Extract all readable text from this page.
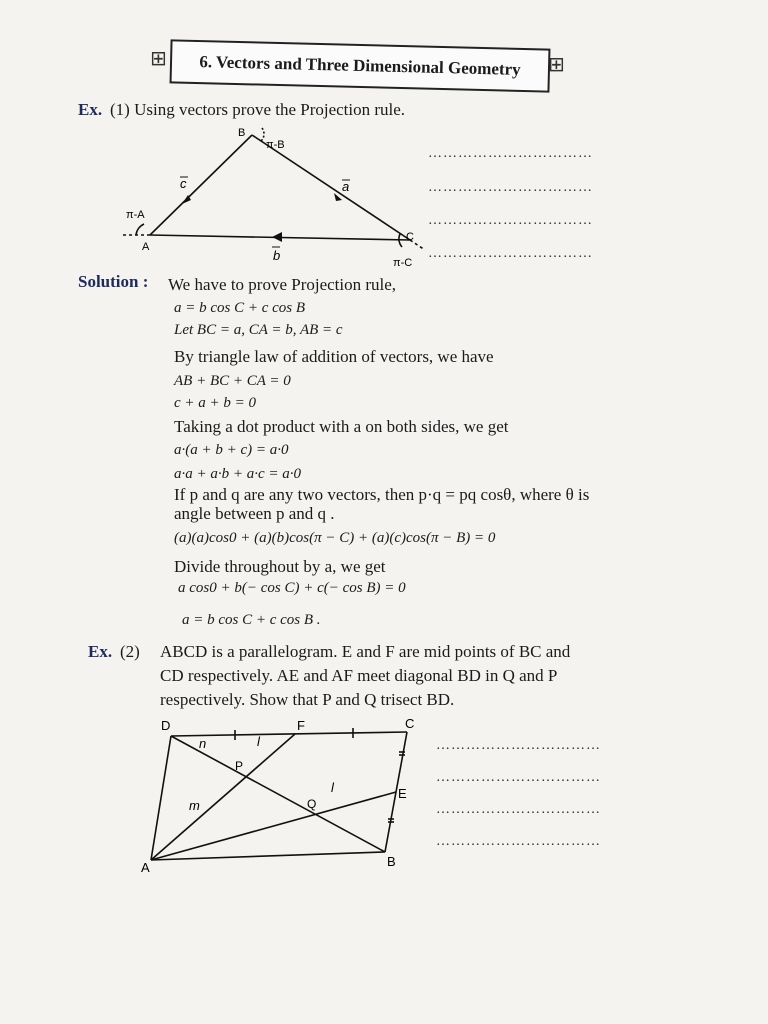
⊞ 6. Vectors and Three Dimensional Geometry ⊞
Ex. (1) Using vectors prove the Projection rule.
B
π-B
A
π-A
C
π-C
c	a
b
……………………………
……………………………
……………………………
……………………………
Solution : We have to prove Projection rule,
a = b cos C + c cos B
Let BC = a, CA = b, AB = c
By triangle law of addition of vectors, we have
AB + BC + CA = 0
c + a + b = 0
Taking a dot product with a on both sides, we get
a·(a + b + c) = a·0
a·a + a·b + a·c = a·0
If p and q are any two vectors, then p·q = pq cosθ, where θ is
angle between p and q .
(a)(a)cos0 + (a)(b)cos(π − C) + (a)(c)cos(π − B) = 0
Divide throughout by a, we get
a cos0 + b(− cos C) + c(− cos B) = 0
a = b cos C + c cos B .
Ex. (2) ABCD is a parallelogram. E and F are mid points of BC and
CD respectively. AE and AF meet diagonal BD in Q and P
respectively. Show that P and Q trisect BD.
D	F	C
P
Q
E
A	B
n
m
l
l
……………………………
……………………………
……………………………
……………………………
